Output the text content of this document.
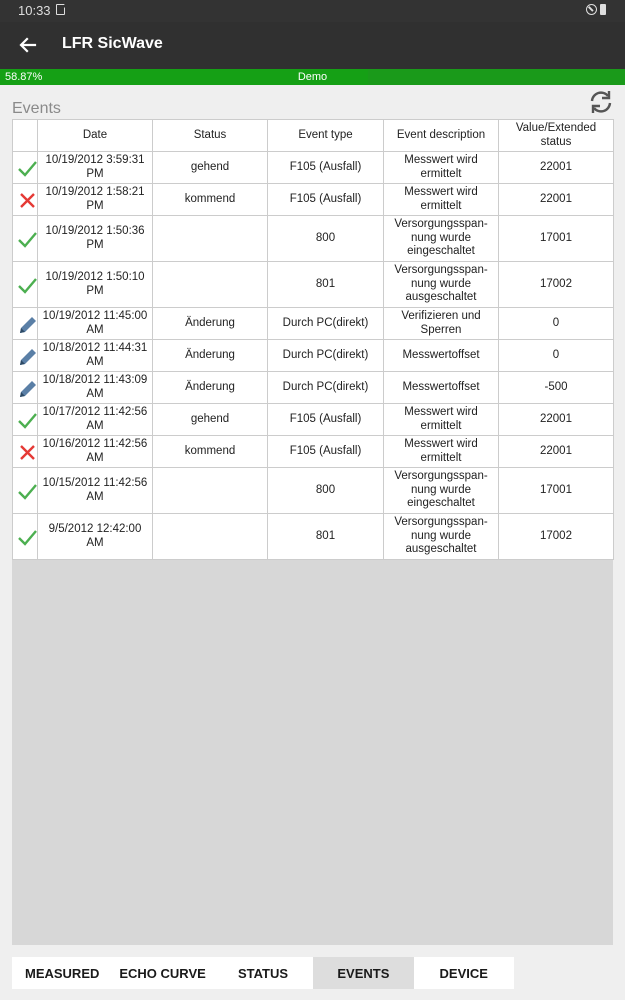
10:33
LFR SicWave
58.87%	Demo
Events
	Date	Status	Event type	Event description	Value/Extended status
	10/19/2012 3:59:31 PM	gehend	F105 (Ausfall)	Messwert wird ermittelt	22001
	10/19/2012 1:58:21 PM	kommend	F105 (Ausfall)	Messwert wird ermittelt	22001
	10/19/2012 1:50:36 PM		800	Versorgungsspan-nung wurde eingeschaltet	17001
	10/19/2012 1:50:10 PM		801	Versorgungsspan-nung wurde ausgeschaltet	17002
	10/19/2012 11:45:00 AM	Änderung	Durch PC(direkt)	Verifizieren und Sperren	0
	10/18/2012 11:44:31 AM	Änderung	Durch PC(direkt)	Messwertoffset	0
	10/18/2012 11:43:09 AM	Änderung	Durch PC(direkt)	Messwertoffset	-500
	10/17/2012 11:42:56 AM	gehend	F105 (Ausfall)	Messwert wird ermittelt	22001
	10/16/2012 11:42:56 AM	kommend	F105 (Ausfall)	Messwert wird ermittelt	22001
	10/15/2012 11:42:56 AM		800	Versorgungsspan-nung wurde eingeschaltet	17001
	9/5/2012 12:42:00 AM		801	Versorgungsspan-nung wurde ausgeschaltet	17002
MEASURED	ECHO CURVE	STATUS	EVENTS	DEVICE
